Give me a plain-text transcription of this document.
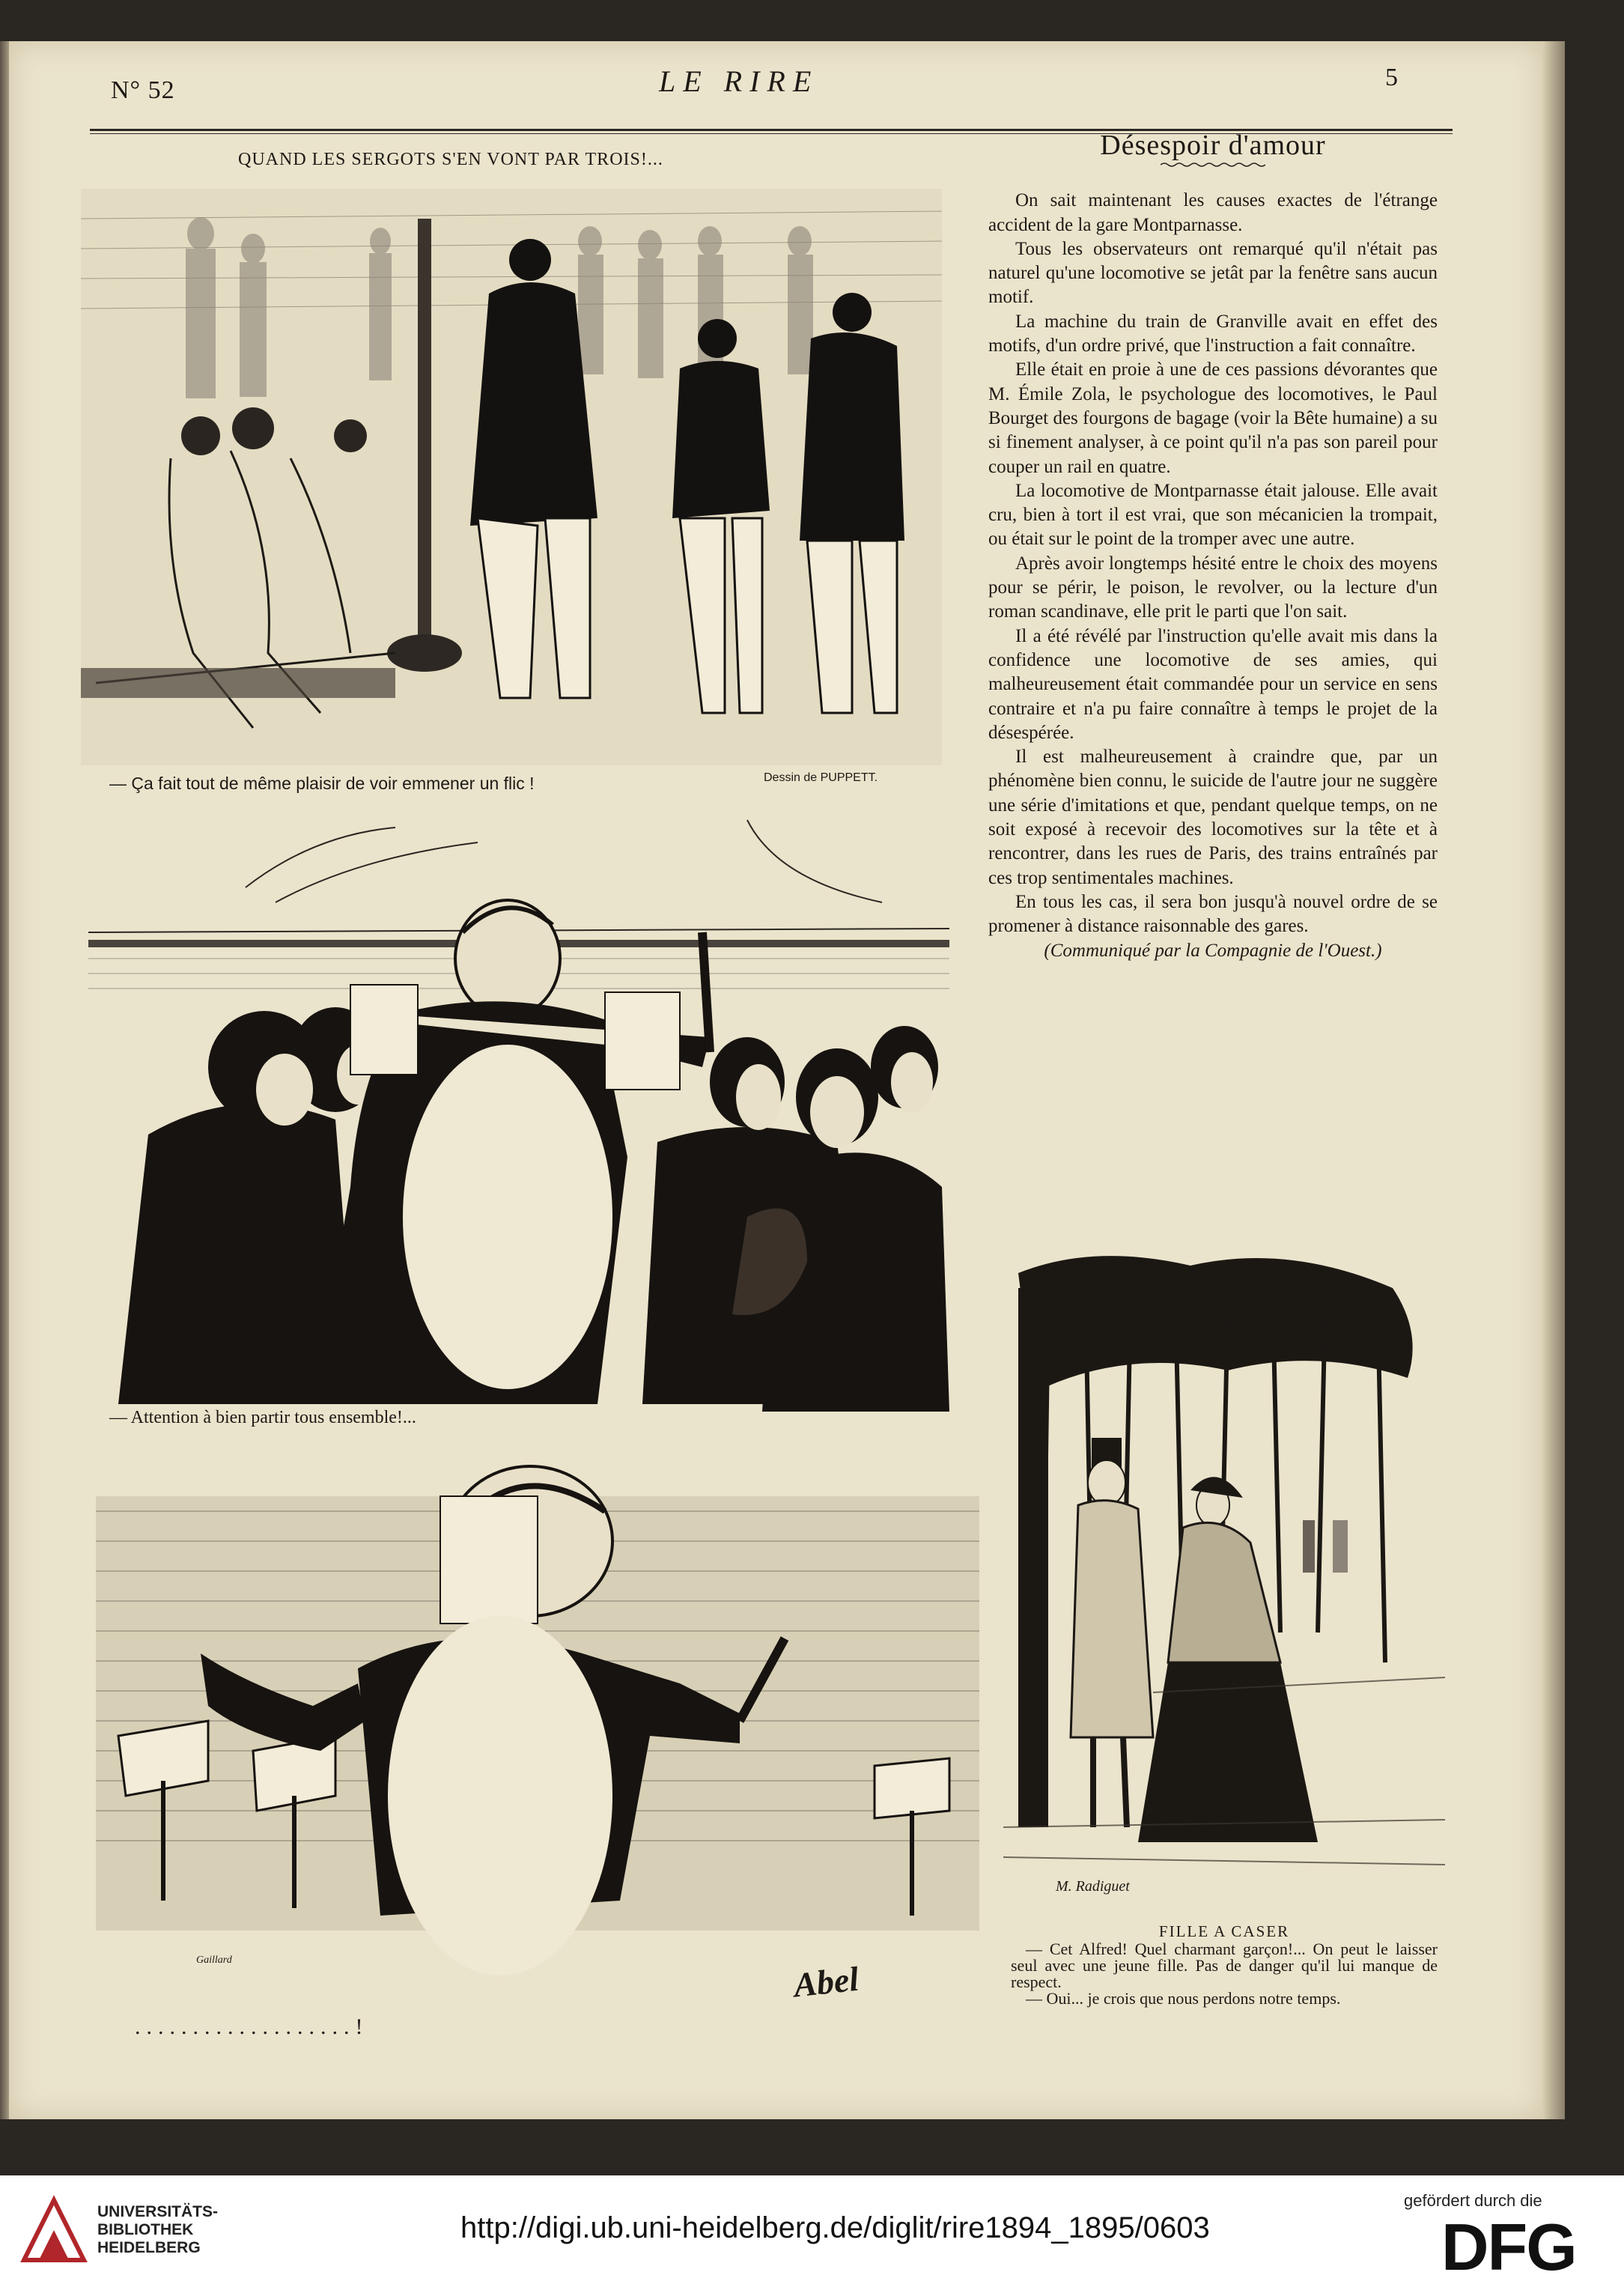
N° 52	LE RIRE	5
QUAND LES SERGOTS S'EN VONT PAR TROIS!...
— Ça fait tout de même plaisir de voir emmener un flic !	Dessin de PUPPETT.
— Attention à bien partir tous ensemble!...
Abel
Gaillard
...................!
Désespoir d'amour

On sait maintenant les causes exactes de l'étrange accident de la gare Montparnasse.

Tous les observateurs ont remarqué qu'il n'était pas naturel qu'une locomotive se jetât par la fenêtre sans aucun motif.

La machine du train de Granville avait en effet des motifs, d'un ordre privé, que l'instruction a fait connaître.

Elle était en proie à une de ces passions dévorantes que M. Émile Zola, le psychologue des locomotives, le Paul Bourget des fourgons de bagage (voir la Bête humaine) a su si finement analyser, à ce point qu'il n'a pas son pareil pour couper un rail en quatre.

La locomotive de Montparnasse était jalouse. Elle avait cru, bien à tort il est vrai, que son mécanicien la trompait, ou était sur le point de la tromper avec une autre.

Après avoir longtemps hésité entre le choix des moyens pour se périr, le poison, le revolver, ou la lecture d'un roman scandinave, elle prit le parti que l'on sait.

Il a été révélé par l'instruction qu'elle avait mis dans la confidence une locomotive de ses amies, qui malheureusement était commandée pour un service en sens contraire et n'a pu faire connaître à temps le projet de la désespérée.

Il est malheureusement à craindre que, par un phénomène bien connu, le suicide de l'autre jour ne suggère une série d'imitations et que, pendant quelque temps, on ne soit exposé à recevoir des locomotives sur la tête et à rencontrer, dans les rues de Paris, des trains entraînés par ces trop sentimentales machines.

En tous les cas, il sera bon jusqu'à nouvel ordre de se promener à distance raisonnable des gares.

(Communiqué par la Compagnie de l'Ouest.)

M. Radiguet
FILLE A CASER

— Cet Alfred! Quel charmant garçon!... On peut le laisser seul avec une jeune fille. Pas de danger qu'il lui manque de respect.

— Oui... je crois que nous perdons notre temps.

UNIVERSITÄTS-
BIBLIOTHEK
HEIDELBERG
http://digi.ub.uni-heidelberg.de/diglit/rire1894_1895/0603
gefördert durch die
DFG
